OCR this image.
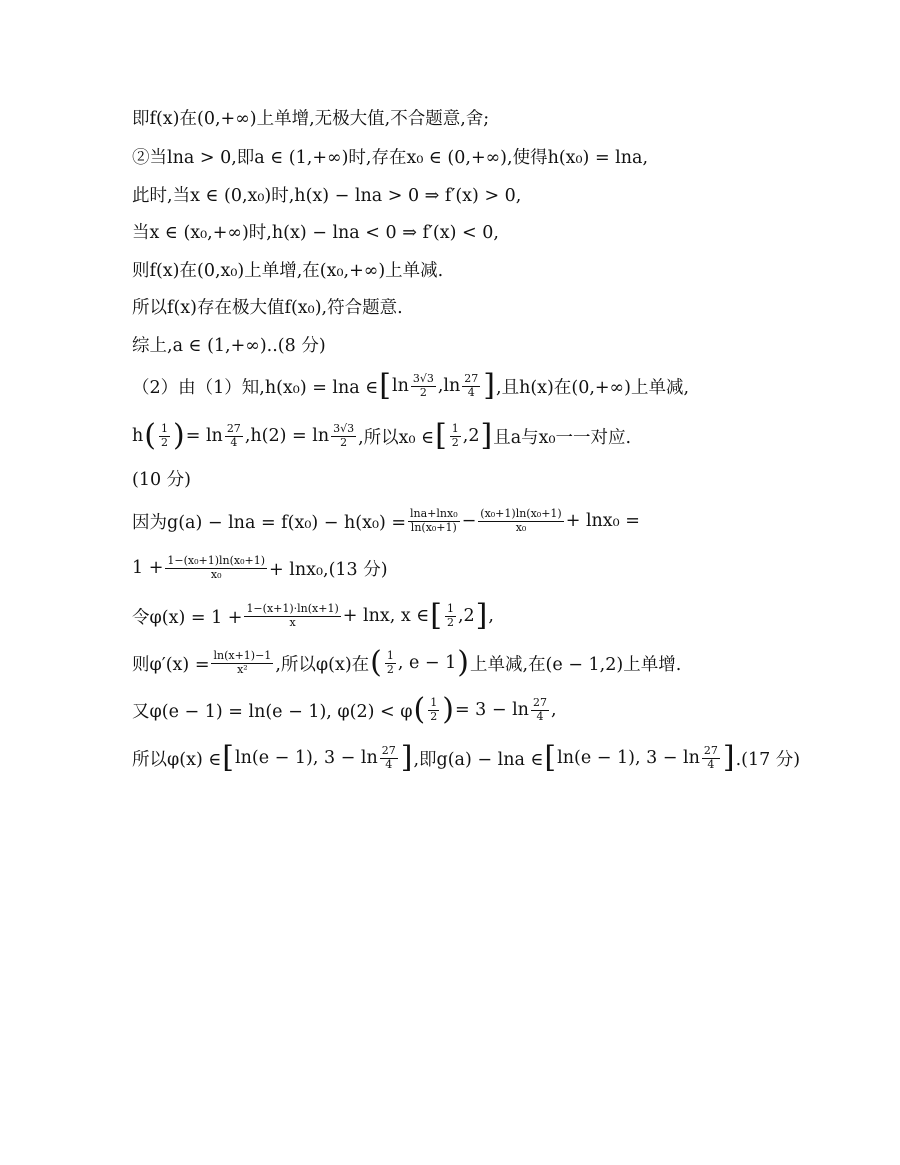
即f(x)在(0,+∞)上单增,无极大值,不合题意,舍;
②当lna > 0,即a ∈ (1,+∞)时,存在x₀ ∈ (0,+∞),使得h(x₀) = lna,
此时,当x ∈ (0,x₀)时,h(x) − lna > 0 ⇒ f′(x) > 0,
当x ∈ (x₀,+∞)时,h(x) − lna < 0 ⇒ f′(x) < 0,
则f(x)在(0,x₀)上单增,在(x₀,+∞)上单减.
所以f(x)存在极大值f(x₀),符合题意.
综上,a ∈ (1,+∞)..(8 分)
（2）由（1）知,h(x₀) = lna ∈ [ $\ln \frac{3√3}{2} ,\ln \frac{27}{4}$ ] ,且h(x)在(0,+∞)上单减,
h ( $\frac{1}{2}$ ) = $\ln \frac{27}{4} ,h(2) = \ln \frac{3√3}{2}$ ,所以x₀ ∈ [ $\frac{1}{2} ,2$ ] 且a与x₀一一对应.
(10 分)
因为$g(a) - \ln a = f(x_0) - h(x_0) = \frac{\text{lna+lnx₀}}{\text{ln(x₀+1)}} - \frac{\text{(x₀+1)ln(x₀+1)}}{\text{x₀}} + \ln x_0$ =
$1 + \frac{\text{1−(x₀+1)ln(x₀+1)}}{\text{x₀}} + \ln x_0,(13$ 分)
令$\varphi(x) = 1 + \frac{1-(x+1)\cdot\ln(x+1)}{x} + \ln x$, x ∈ [ $\frac{1}{2} ,2$ ] ,
则$\varphi'(x) = \frac{\ln(x+1)-1}{\text{x²}}$ ,所以φ(x)在 ( $\frac{1}{2}$ , e − 1 ) 上单减,在(e − 1,2)上单增.
又φ(e − 1) = ln(e − 1), φ(2) < φ ( $\frac{1}{2}$ ) = $3 - \ln \frac{27}{4}$ ,
所以φ(x) ∈ [ ln(e − 1), $3 - \ln \frac{27}{4}$ ] ,即g(a) − lna ∈ [ ln(e − 1), $3 - \ln \frac{27}{4}$ ] .(17 分)
